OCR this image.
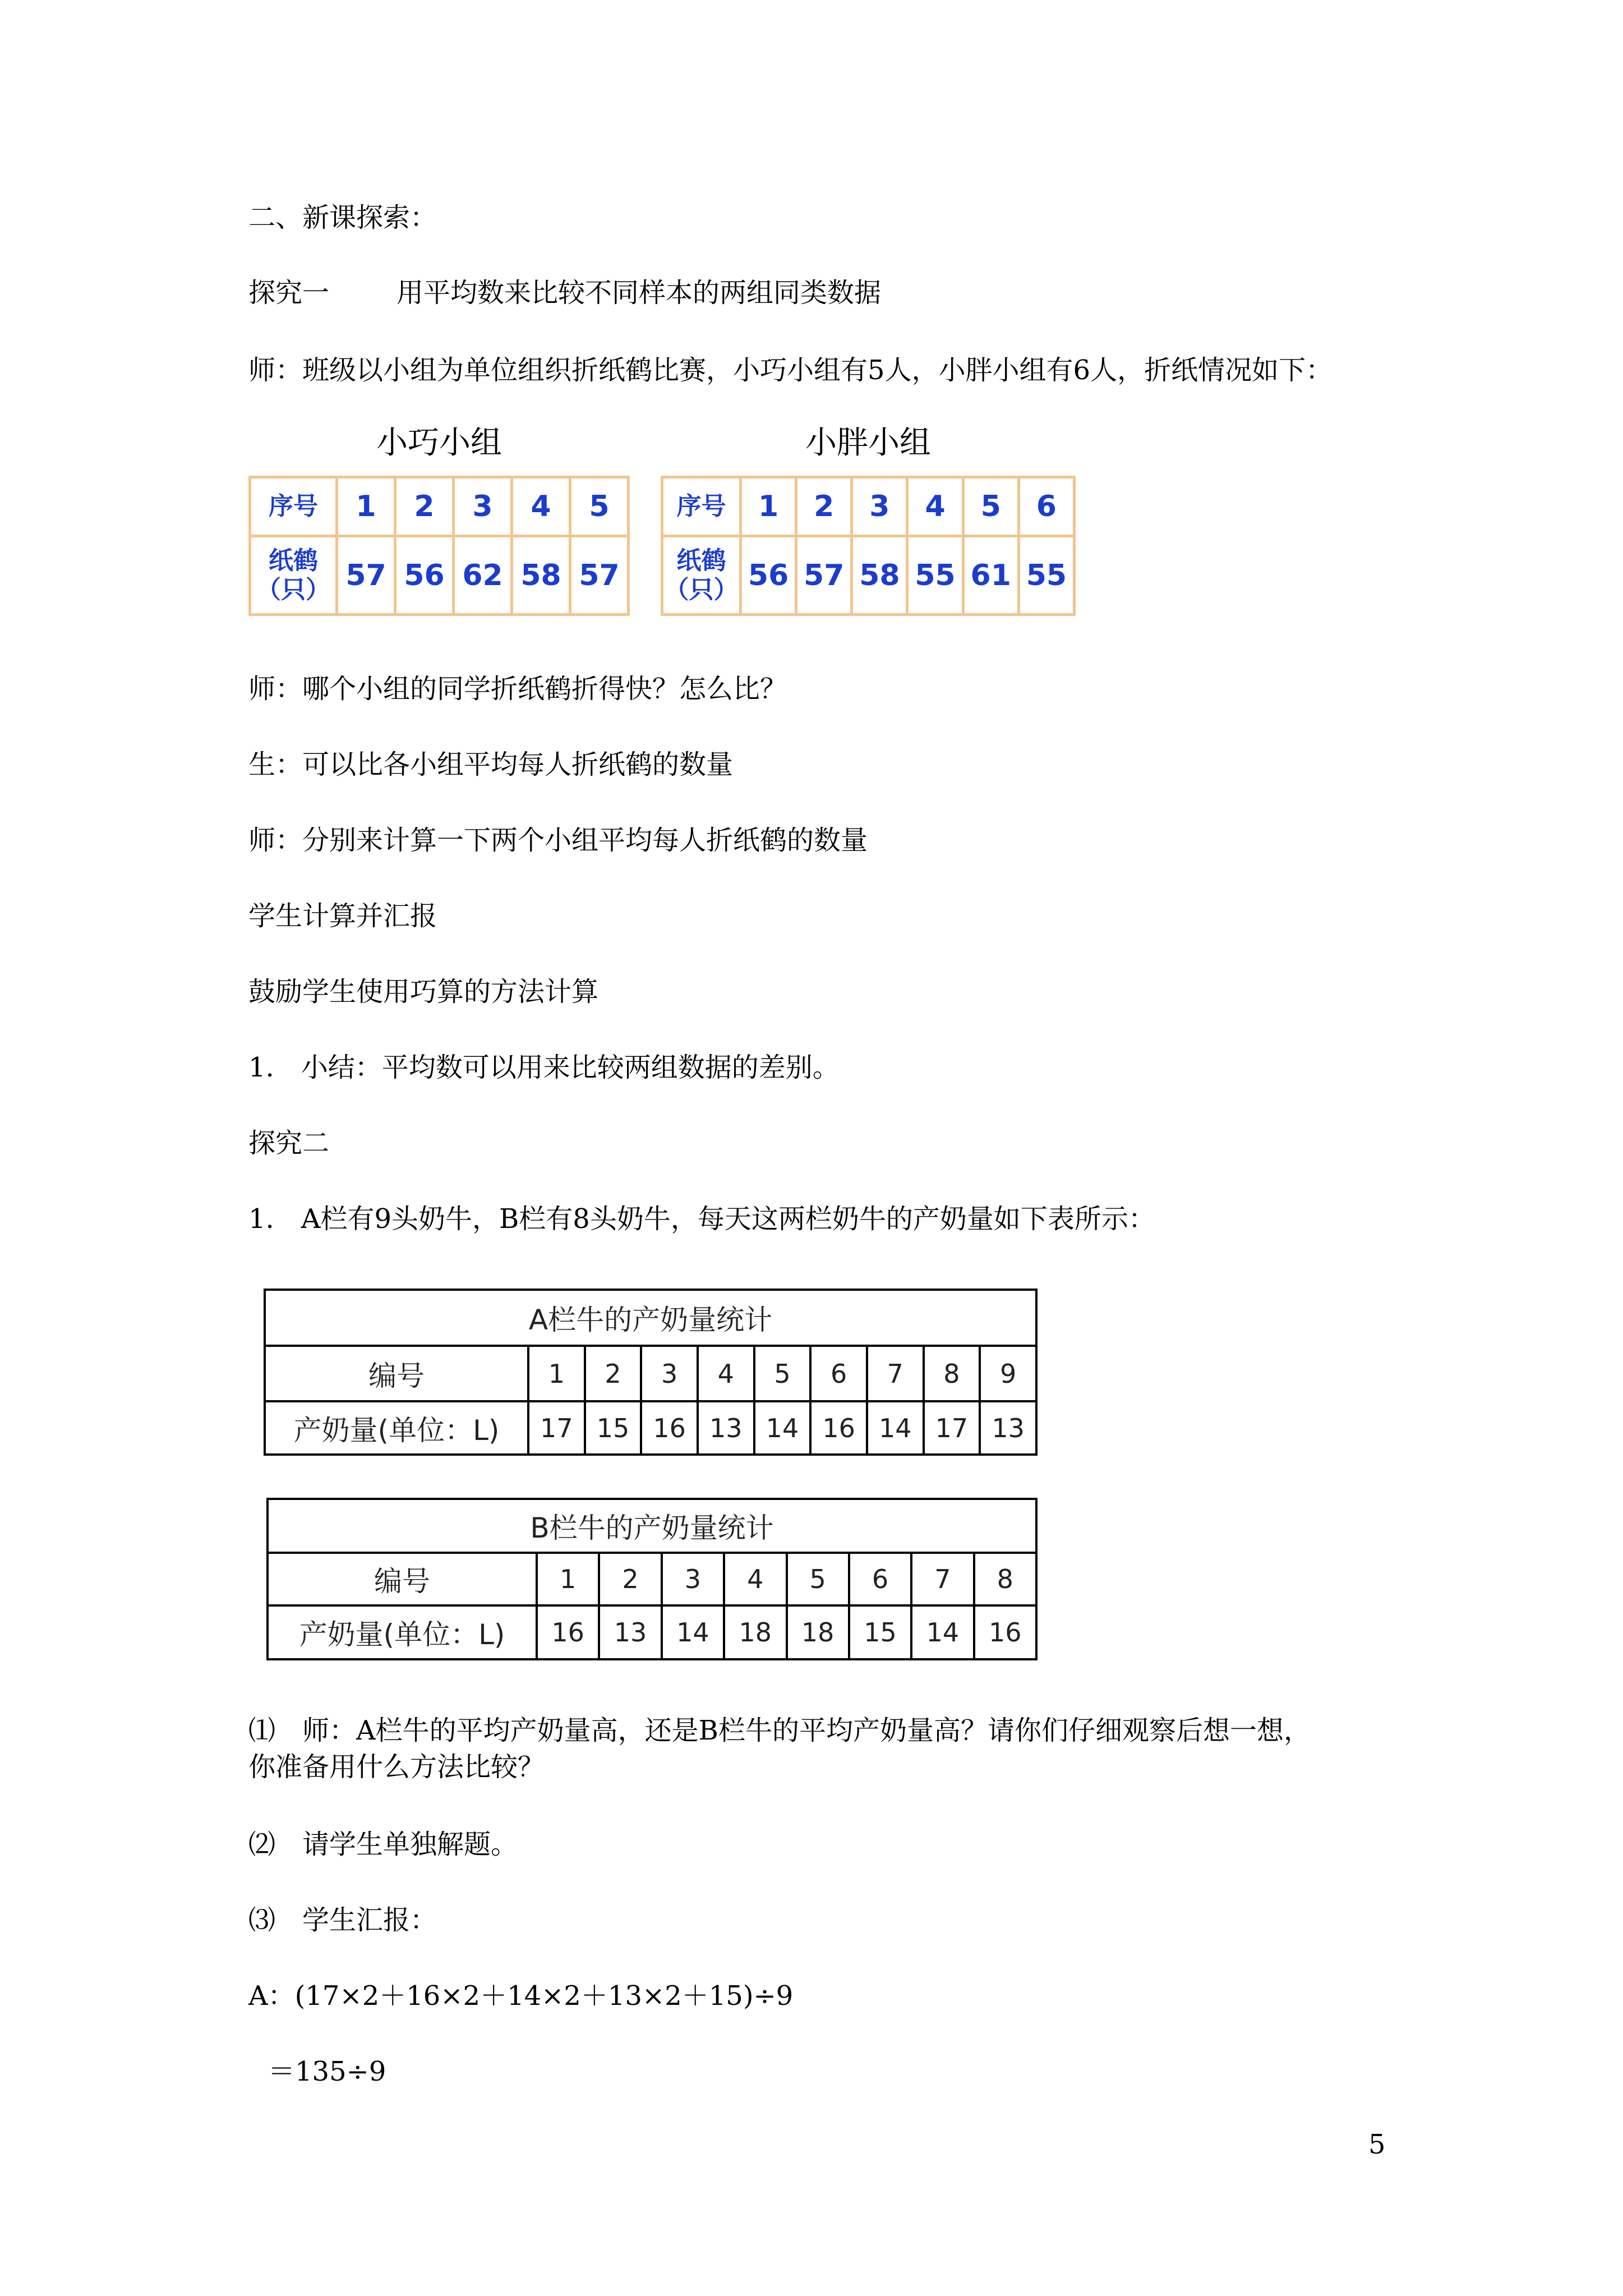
二、新课探索：
探究一	用平均数来比较不同样本的两组同类数据
师：班级以小组为单位组织折纸鹤比赛，小巧小组有5人，小胖小组有6人，折纸情况如下：
小巧小组
序号	1	2	3	4	5

纸鹤
（只）	57	56	62	58	57
小胖小组
序号	1	2	3	4	5	6

纸鹤
（只）	56	57	58	55	61	55
师：哪个小组的同学折纸鹤折得快？怎么比？
生：可以比各小组平均每人折纸鹤的数量
师：分别来计算一下两个小组平均每人折纸鹤的数量
学生计算并汇报
鼓励学生使用巧算的方法计算
1.　小结：平均数可以用来比较两组数据的差别。
探究二
1.　A栏有9头奶牛，B栏有8头奶牛，每天这两栏奶牛的产奶量如下表所示：
A栏牛的产奶量统计									
编号	1	2	3	4	5	6	7	8	9
产奶量(单位：L)	17	15	16	13	14	16	14	17	13
B栏牛的产奶量统计								
编号	1	2	3	4	5	6	7	8
产奶量(单位：L)	16	13	14	18	18	15	14	16
⑴　师：A栏牛的平均产奶量高，还是B栏牛的平均产奶量高？请你们仔细观察后想一想，
你准备用什么方法比较？
⑵　请学生单独解题。
⑶　学生汇报：
A：(17×2＋16×2＋14×2＋13×2＋15)÷9
＝135÷9
5
